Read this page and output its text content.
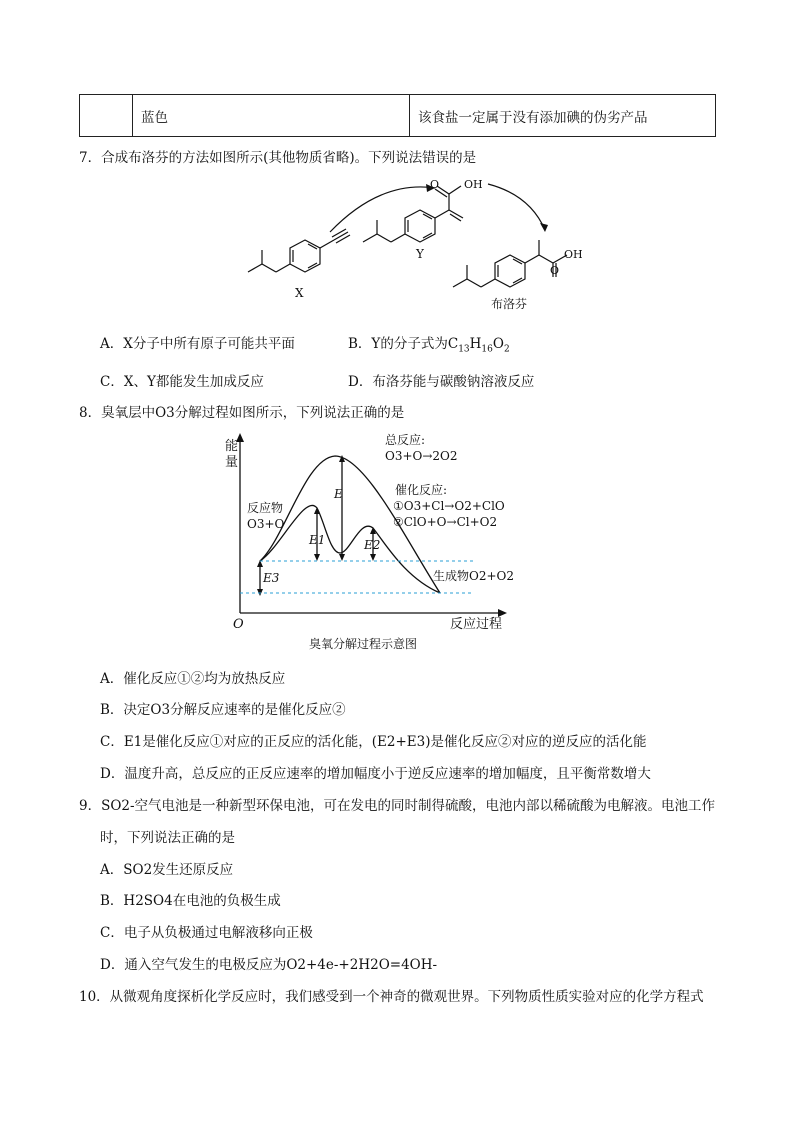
	蓝色	该食盐一定属于没有添加碘的伪劣产品
7．合成布洛芬的方法如图所示(其他物质省略)。下列说法错误的是
X
Y
O OH
O
OH
布洛芬
A．X分子中所有原子可能共平面	B．Y的分子式为$C_{13}H_{16}O_2$
C．X、Y都能发生加成反应	D．布洛芬能与碳酸钠溶液反应
8．臭氧层中O3分解过程如图所示，下列说法正确的是
能
量
O	反应过程
总反应:
O3+O→2O2
催化反应:
①O3+Cl→O2+ClO
②ClO+O→Cl+O2
反应物
O3+O
生成物O2+O2
E
E1	E2
E3
臭氧分解过程示意图
A．催化反应①②均为放热反应
B．决定O3分解反应速率的是催化反应②
C．E1是催化反应①对应的正反应的活化能，(E2+E3)是催化反应②对应的逆反应的活化能
D．温度升高，总反应的正反应速率的增加幅度小于逆反应速率的增加幅度，且平衡常数增大
9．SO2-空气电池是一种新型环保电池，可在发电的同时制得硫酸，电池内部以稀硫酸为电解液。电池工作
时，下列说法正确的是
A．SO2发生还原反应
B．H2SO4在电池的负极生成
C．电子从负极通过电解液移向正极
D．通入空气发生的电极反应为O2+4e-+2H2O=4OH-
10．从微观角度探析化学反应时，我们感受到一个神奇的微观世界。下列物质性质实验对应的化学方程式
